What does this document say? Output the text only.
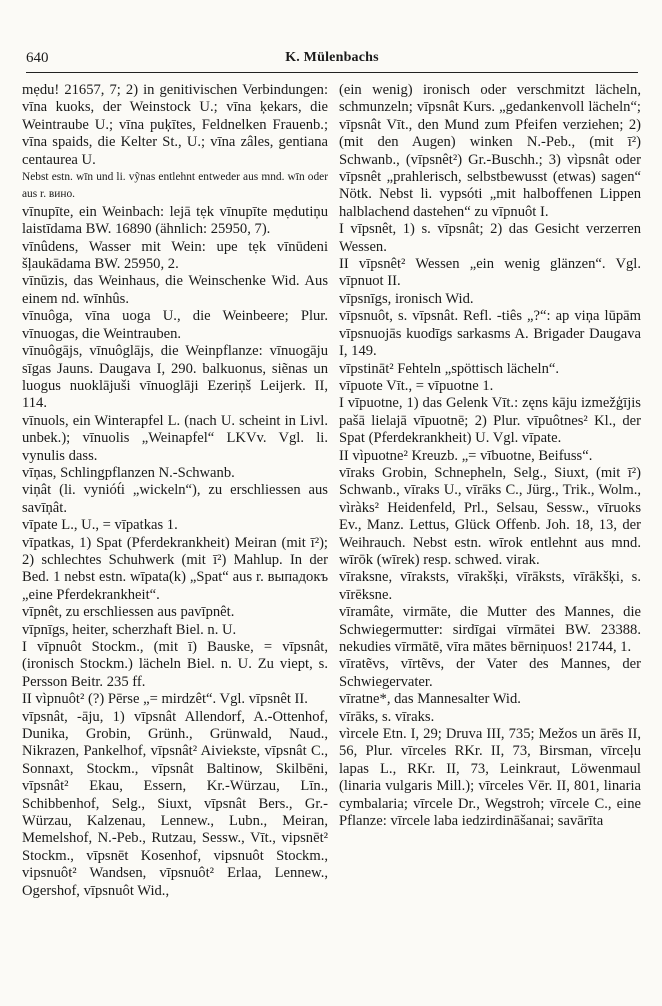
640	K. Mülenbachs

mẹdu! 21657, 7; 2) in genitivischen Verbindungen: vīna kuoks, der Weinstock U.; vīna ķekars, die Weintraube U.; vīna puķītes, Feldnelken Frauenb.; vīna spaids, die Kelter St., U.; vīna zâles, gentiana centaurea U.

Nebst estn. wīn und li. vỹnas entlehnt entweder aus mnd. wīn oder aus r. вино.

vīnupīte, ein Weinbach: lejā tẹk vīnupīte mẹdutiņu laistīdama BW. 16890 (ähnlich: 25950, 7).

vīnûdens, Wasser mit Wein: upe tẹk vīnūdeni šļaukādama BW. 25950, 2.

vīnūzis, das Weinhaus, die Weinschenke Wid. Aus einem nd. wīnhûs.

vīnuôga, vīna uoga U., die Weinbeere; Plur. vīnuogas, die Weintrauben.

vīnuôgājs, vīnuôglājs, die Weinpflanze: vīnuogāju sīgas Jauns. Daugava I, 290. balkuonus, siẽnas un luogus nuoklājuši vīnuoglāji Ezeriņš Leijerk. II, 114.

vīnuols, ein Winterapfel L. (nach U. scheint in Livl. unbek.); vīnuolis „Weinapfel“ LKVv. Vgl. li. vynulis dass.

vīņas, Schlingpflanzen N.-Schwanb.

viņât (li. vyniót́i „wickeln“), zu erschliessen aus savīņât.

vīpate L., U., = vīpatkas 1.

vīpatkas, 1) Spat (Pferdekrankheit) Meiran (mit ī²); 2) schlechtes Schuhwerk (mit ī²) Mahlup. In der Bed. 1 nebst estn. wīpata(k) „Spat“ aus r. выпадокъ „eine Pferdekrankheit“.

vīpnêt, zu erschliessen aus pavīpnêt.

vīpnīgs, heiter, scherzhaft Biel. n. U.

I vīpnuôt Stockm., (mit ī) Bauske, = vīpsnât, (ironisch Stockm.) lächeln Biel. n. U. Zu viept, s. Persson Beitr. 235 ff.

II vìpnuôt² (?) Pērse „= mirdzêt“. Vgl. vīpsnêt II.

vīpsnât, -āju, 1) vīpsnât Allendorf, A.-Ottenhof, Dunika, Grobin, Grünh., Grünwald, Naud., Nikrazen, Pankelhof, vīpsnât² Aiviekste, vīpsnât C., Sonnaxt, Stockm., vīpsnât Baltinow, Skilbēni, vīpsnât² Ekau, Essern, Kr.-Würzau, Līn., Schibbenhof, Selg., Siuxt, vīpsnât Bers., Gr.-Würzau, Kalzenau, Lennew., Lubn., Meiran, Memelshof, N.-Peb., Rutzau, Sessw., Vīt., vipsnēt² Stockm., vīpsnēt Kosenhof, vipsnuôt Stockm., vipsnuôt² Wandsen, vīpsnuôt² Erlaa, Lennew., Ogershof, vīpsnuôt Wid.,

(ein wenig) ironisch oder verschmitzt lächeln, schmunzeln; vīpsnât Kurs. „gedankenvoll lächeln“; vīpsnât Vīt., den Mund zum Pfeifen verziehen; 2) (mit den Augen) winken N.-Peb., (mit ī²) Schwanb., (vīpsnêt²) Gr.-Buschh.; 3) vìpsnât oder vīpsnêt „prahlerisch, selbstbewusst (etwas) sagen“ Nötk. Nebst li. vypsóti „mit halboffenen Lippen halblachend dastehen“ zu vīpnuôt I.

I vīpsnêt, 1) s. vīpsnât; 2) das Gesicht verzerren Wessen.

II vīpsnêt² Wessen „ein wenig glänzen“. Vgl. vīpnuot II.

vīpsnīgs, ironisch Wid.

vīpsnuôt, s. vīpsnât. Refl. -tiês „?“: ap viņa lūpām vīpsnuojās kuodīgs sarkasms A. Brigader Daugava I, 149.

vīpstināt² Fehteln „spöttisch lächeln“.

vīpuote Vīt., = vīpuotne 1.

I vīpuotne, 1) das Gelenk Vīt.: zęns kāju izmežģījis pašā lielajā vīpuotnē; 2) Plur. vīpuôtnes² Kl., der Spat (Pferdekrankheit) U. Vgl. vīpate.

II vìpuotne² Kreuzb. „= vībuotne, Beifuss“.

vīraks Grobin, Schnepheln, Selg., Siuxt, (mit ī²) Schwanb., vīraks U., vīrāks C., Jürg., Trik., Wolm., vìràks² Heidenfeld, Prl., Selsau, Sessw., vīruoks Ev., Manz. Lettus, Glück Offenb. Joh. 18, 13, der Weihrauch. Nebst estn. wīrok entlehnt aus mnd. wīrōk (wīrek) resp. schwed. virak.

vīraksne, vīraksts, vīrakšķi, vīrāksts, vīrākšķi, s. vīrēksne.

vīramâte, virmāte, die Mutter des Mannes, die Schwiegermutter: sirdīgai vīrmātei BW. 23388. nekudies vīrmātē, vīra mātes bērniņuos! 21744, 1.

vīratẽvs, vīrtẽvs, der Vater des Mannes, der Schwiegervater.

vīratne*, das Mannesalter Wid.

vīrāks, s. vīraks.

vìrcele Etn. I, 29; Druva III, 735; Mežos un ārēs II, 56, Plur. vīrceles RKr. II, 73, Birsman, vīrceļu lapas L., RKr. II, 73, Leinkraut, Löwenmaul (linaria vulgaris Mill.); vīrceles Vēr. II, 801, linaria cymbalaria; vīrcele Dr., Wegstroh; vīrcele C., eine Pflanze: vīrcele laba iedzirdināšanai; savārīta
